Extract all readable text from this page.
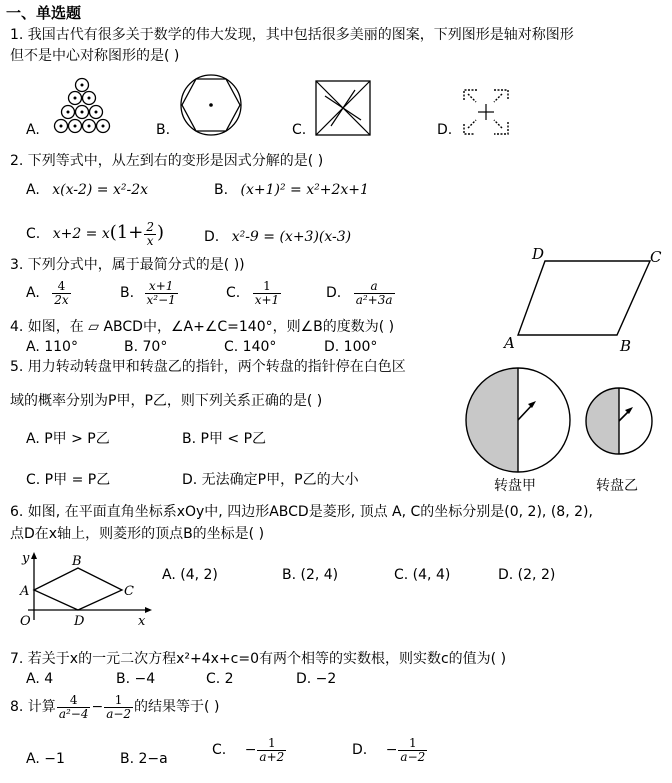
一、单选题
1. 我国古代有很多关于数学的伟大发现，其中包括很多美丽的图案，下列图形是轴对称图形
但不是中心对称图形的是( )
A.	B.	C.	D.
2. 下列等式中，从左到右的变形是因式分解的是( )
A. x(x-2) = x²-2x	B. (x+1)² = x²+2x+1
C. $x+2 = x(1+ \frac{2}{x}$ )	D. x²-9 = (x+3)(x-3)
3. 下列分式中，属于最简分式的是( ))
A. $\frac{4}{2x}$	B. $\frac{x+1}{\text{x²−1}}$	C. $\frac{1}{x+1}$	D. $\frac{a}{\text{a²+3a}}$
4. 如图，在 ▱ ABCD中，∠A+∠C=140°，则∠B的度数为( )
A. 110°	B. 70°	C. 140°	D. 100°
D	C
A	B
5. 用力转动转盘甲和转盘乙的指针，两个转盘的指针停在白色区
域的概率分别为P甲，P乙，则下列关系正确的是( )
A. P甲 > P乙	B. P甲 < P乙
C. P甲 = P乙	D. 无法确定P甲，P乙的大小	转盘甲	转盘乙
6. 如图, 在平面直角坐标系xOy中, 四边形ABCD是菱形, 顶点 A, C的坐标分别是(0, 2), (8, 2),
点D在x轴上，则菱形的顶点B的坐标是( )
y	B
A	C
O	D	x
A. (4, 2)	B. (2, 4)	C. (4, 4)	D. (2, 2)
7. 若关于x的一元二次方程x²+4x+c=0有两个相等的实数根，则实数c的值为( )
A. 4	B. −4	C. 2	D. −2
8. 计算 $\frac{4}{\text{a²−4}} - \frac{1}{a-2}$ 的结果等于( )
A. −1	B. 2−a
C. − $\frac{1}{a+2}$	D. − $\frac{1}{a-2}$
